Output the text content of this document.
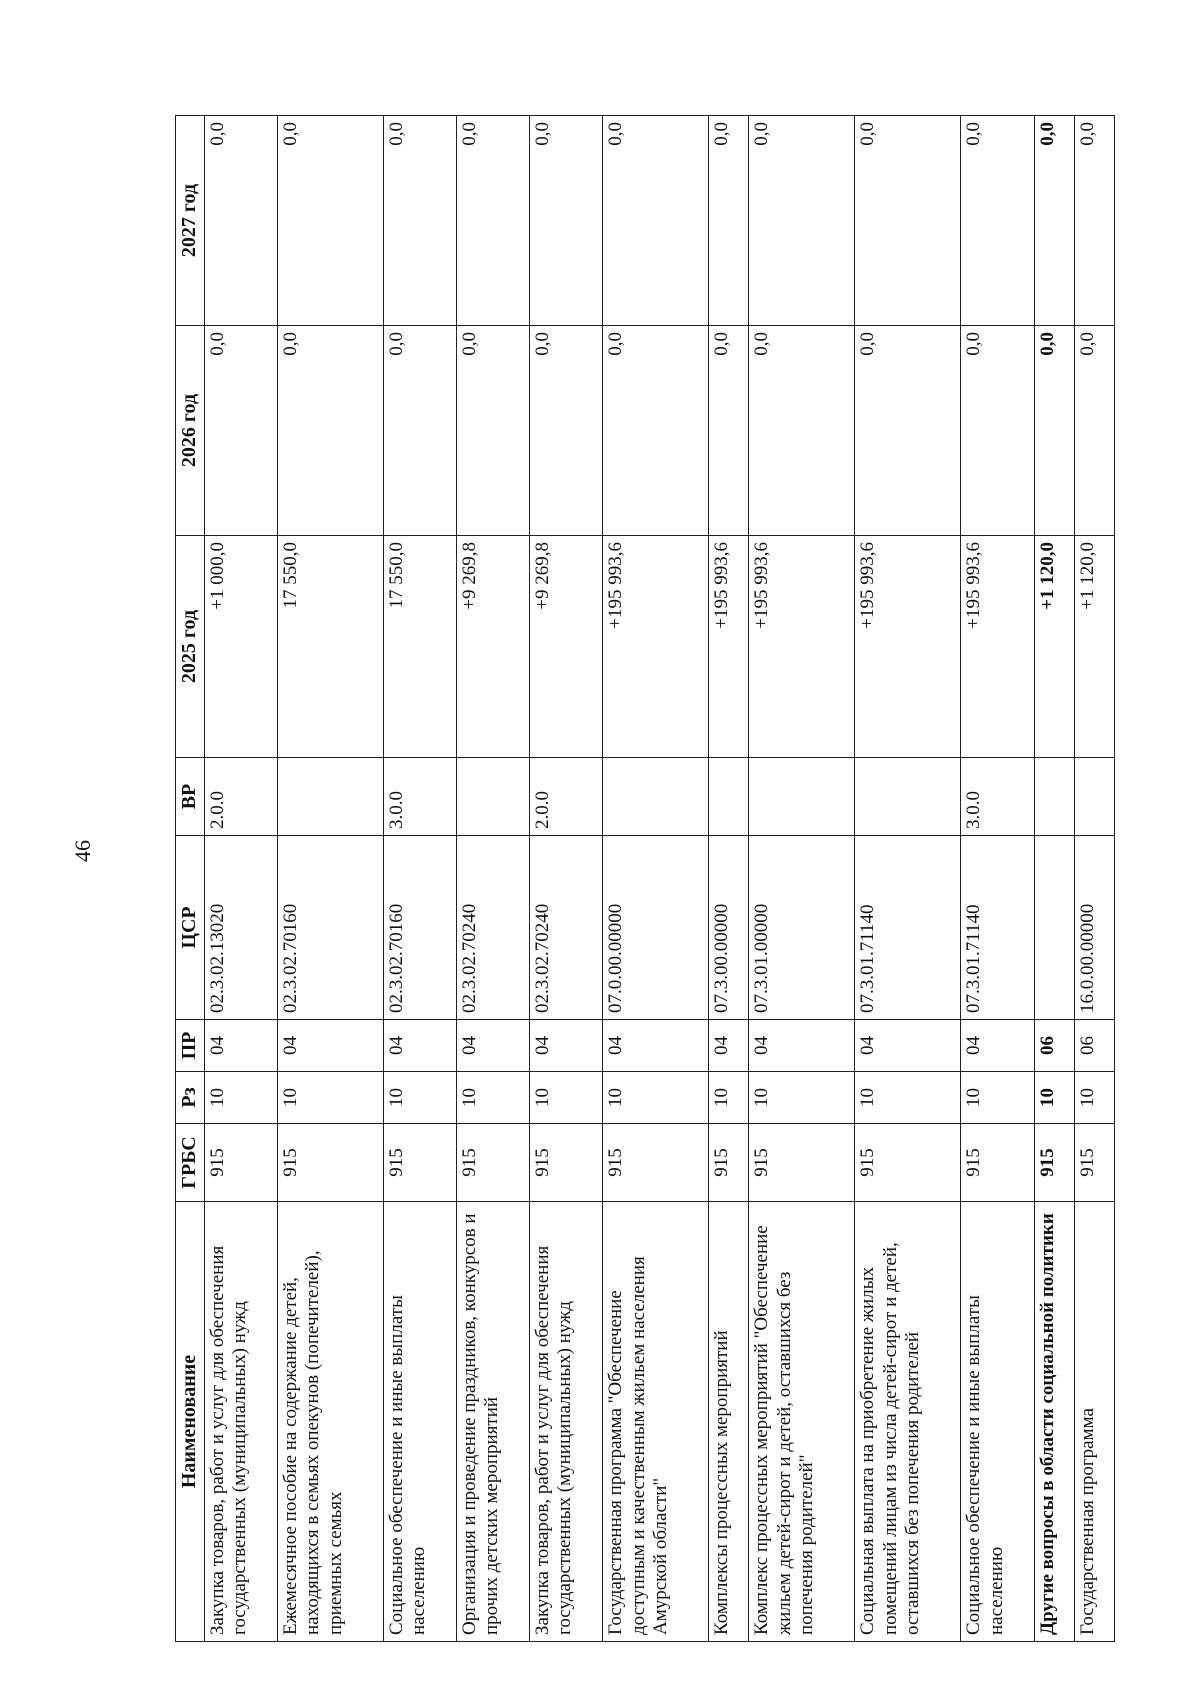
46
Наименование	ГРБС	Рз	ПР	ЦСР	ВР	2025 год	2026 год	2027 год
Закупка товаров, работ и услуг для обеспечения государственных (муниципальных) нужд	915	10	04	02.3.02.13020	2.0.0	+1 000,0	0,0	0,0
Ежемесячное пособие на содержание детей, находящихся в семьях опекунов (попечителей), приемных семьях	915	10	04	02.3.02.70160		17 550,0	0,0	0,0
Социальное обеспечение и иные выплаты населению	915	10	04	02.3.02.70160	3.0.0	17 550,0	0,0	0,0
Организация и проведение праздников, конкурсов и прочих детских мероприятий	915	10	04	02.3.02.70240		+9 269,8	0,0	0,0
Закупка товаров, работ и услуг для обеспечения государственных (муниципальных) нужд	915	10	04	02.3.02.70240	2.0.0	+9 269,8	0,0	0,0
Государственная программа "Обеспечение доступным и качественным жильем населения Амурской области"	915	10	04	07.0.00.00000		+195 993,6	0,0	0,0
Комплексы процессных мероприятий	915	10	04	07.3.00.00000		+195 993,6	0,0	0,0
Комплекс процессных мероприятий "Обеспечение жильем детей-сирот и детей, оставшихся без попечения родителей"	915	10	04	07.3.01.00000		+195 993,6	0,0	0,0
Социальная выплата на приобретение жилых помещений лицам из числа детей-сирот и детей, оставшихся без попечения родителей	915	10	04	07.3.01.71140		+195 993,6	0,0	0,0
Социальное обеспечение и иные выплаты населению	915	10	04	07.3.01.71140	3.0.0	+195 993,6	0,0	0,0
Другие вопросы в области социальной политики	915	10	06			+1 120,0	0,0	0,0
Государственная программа	915	10	06	16.0.00.00000		+1 120,0	0,0	0,0
